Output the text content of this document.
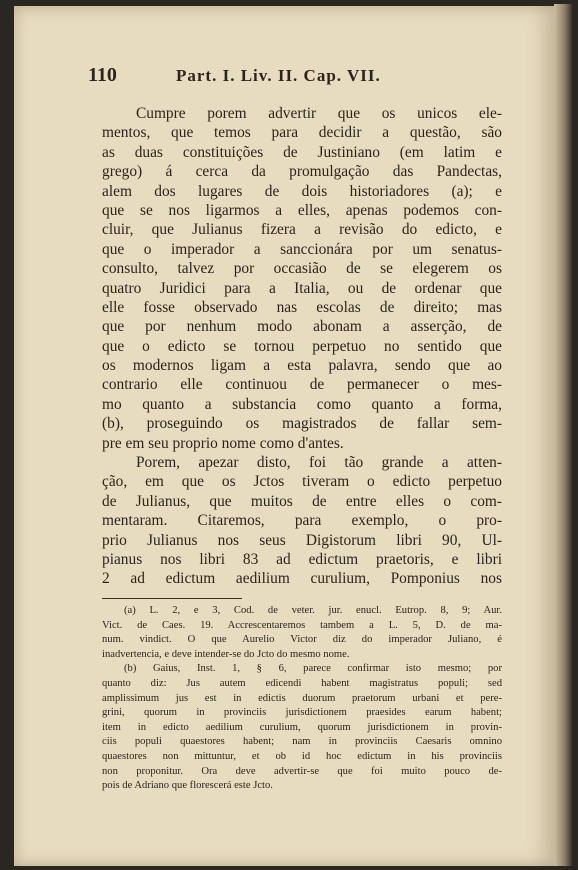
110	Part. I. Liv. II. Cap. VII.
Cumpre porem advertir que os unicos ele-
mentos, que temos para decidir a questão, são
as duas constituições de Justiniano (em latim e
grego) á cerca da promulgação das Pandectas,
alem dos lugares de dois historiadores (a); e
que se nos ligarmos a elles, apenas podemos con-
cluir, que Julianus fizera a revisão do edicto, e
que o imperador a sanccionára por um senatus-
consulto, talvez por occasião de se elegerem os
quatro Juridici para a Italia, ou de ordenar que
elle fosse observado nas escolas de direito; mas
que por nenhum modo abonam a asserção, de
que o edicto se tornou perpetuo no sentido que
os modernos ligam a esta palavra, sendo que ao
contrario elle continuou de permanecer o mes-
mo quanto a substancia como quanto a forma,
(b), proseguindo os magistrados de fallar sem-
pre em seu proprio nome como d'antes.
Porem, apezar disto, foi tão grande a atten-
ção, em que os Jctos tiveram o edicto perpetuo
de Julianus, que muitos de entre elles o com-
mentaram. Citaremos, para exemplo, o pro-
prio Julianus nos seus Digistorum libri 90, Ul-
pianus nos libri 83 ad edictum praetoris, e libri
2 ad edictum aedilium curulium, Pomponius nos
(a) L. 2, e 3, Cod. de veter. jur. enucl. Eutrop. 8, 9; Aur.
Vict. de Caes. 19. Accrescentaremos tambem a L. 5, D. de ma-
num. vindict. O que Aurelio Victor diz do imperador Juliano, é
inadvertencia, e deve intender-se do Jcto do mesmo nome.
(b) Gaius, Inst. 1, § 6, parece confirmar isto mesmo; por
quanto diz: Jus autem edicendi habent magistratus populi; sed
amplissimum jus est in edictis duorum praetorum urbani et pere-
grini, quorum in provinciis jurisdictionem praesides earum habent;
item in edicto aedilium curulium, quorum jurisdictionem in provin-
ciis populi quaestores habent; nam in provinciis Caesaris omnino
quaestores non mittuntur, et ob id hoc edictum in his provinciis
non proponitur. Ora deve advertir-se que foi muito pouco de-
pois de Adriano que florescerá este Jcto.
